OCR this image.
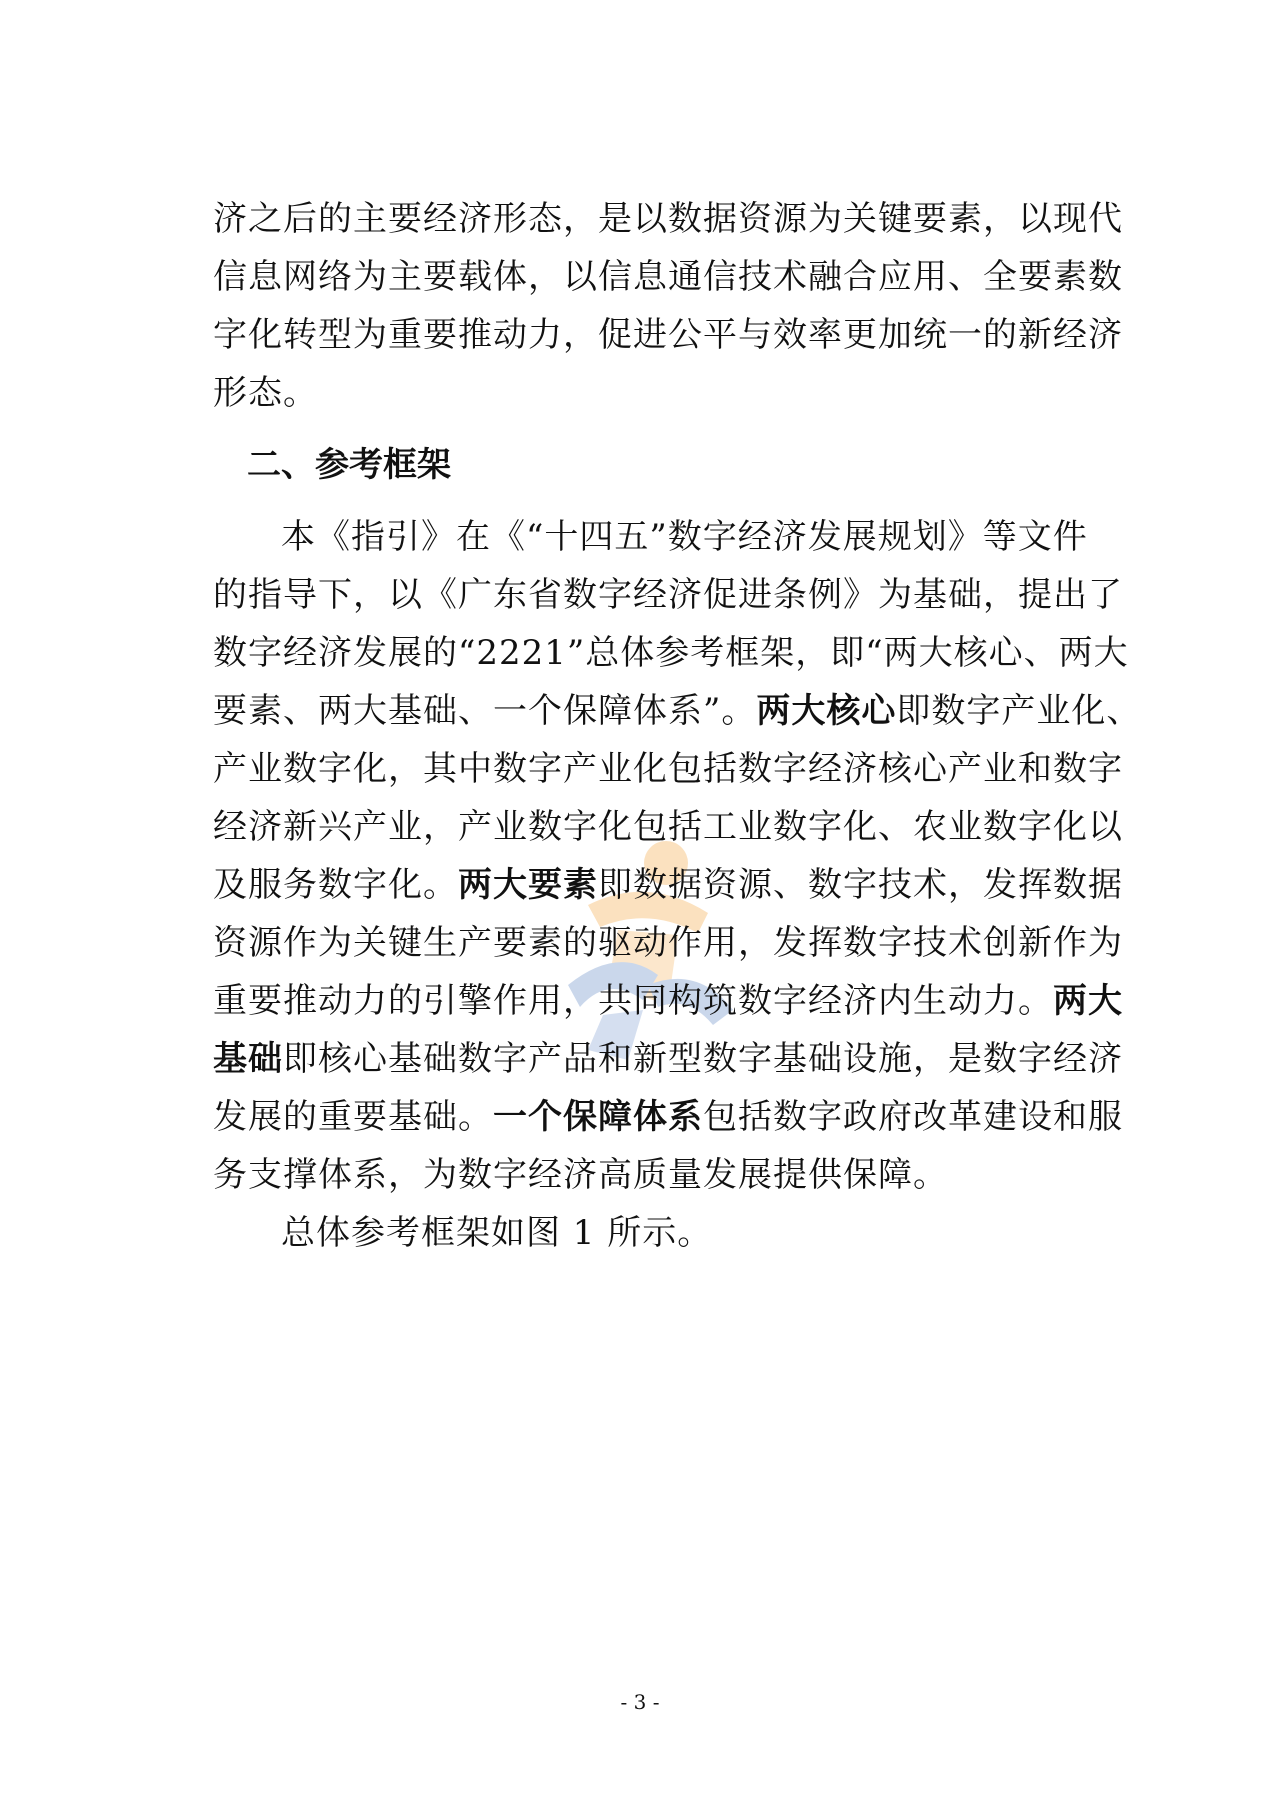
济之后的主要经济形态，是以数据资源为关键要素，以现代
信息网络为主要载体，以信息通信技术融合应用、全要素数
字化转型为重要推动力，促进公平与效率更加统一的新经济
形态。
二、参考框架
本《指引》在《“十四五”数字经济发展规划》等文件
的指导下，以《广东省数字经济促进条例》为基础，提出了
数字经济发展的“2221”总体参考框架，即“两大核心、两大
要素、两大基础、一个保障体系”。两大核心即数字产业化、
产业数字化，其中数字产业化包括数字经济核心产业和数字
经济新兴产业，产业数字化包括工业数字化、农业数字化以
及服务数字化。两大要素即数据资源、数字技术，发挥数据
资源作为关键生产要素的驱动作用，发挥数字技术创新作为
重要推动力的引擎作用，共同构筑数字经济内生动力。两大
基础即核心基础数字产品和新型数字基础设施，是数字经济
发展的重要基础。一个保障体系包括数字政府改革建设和服
务支撑体系，为数字经济高质量发展提供保障。
总体参考框架如图 1 所示。
- 3 -
